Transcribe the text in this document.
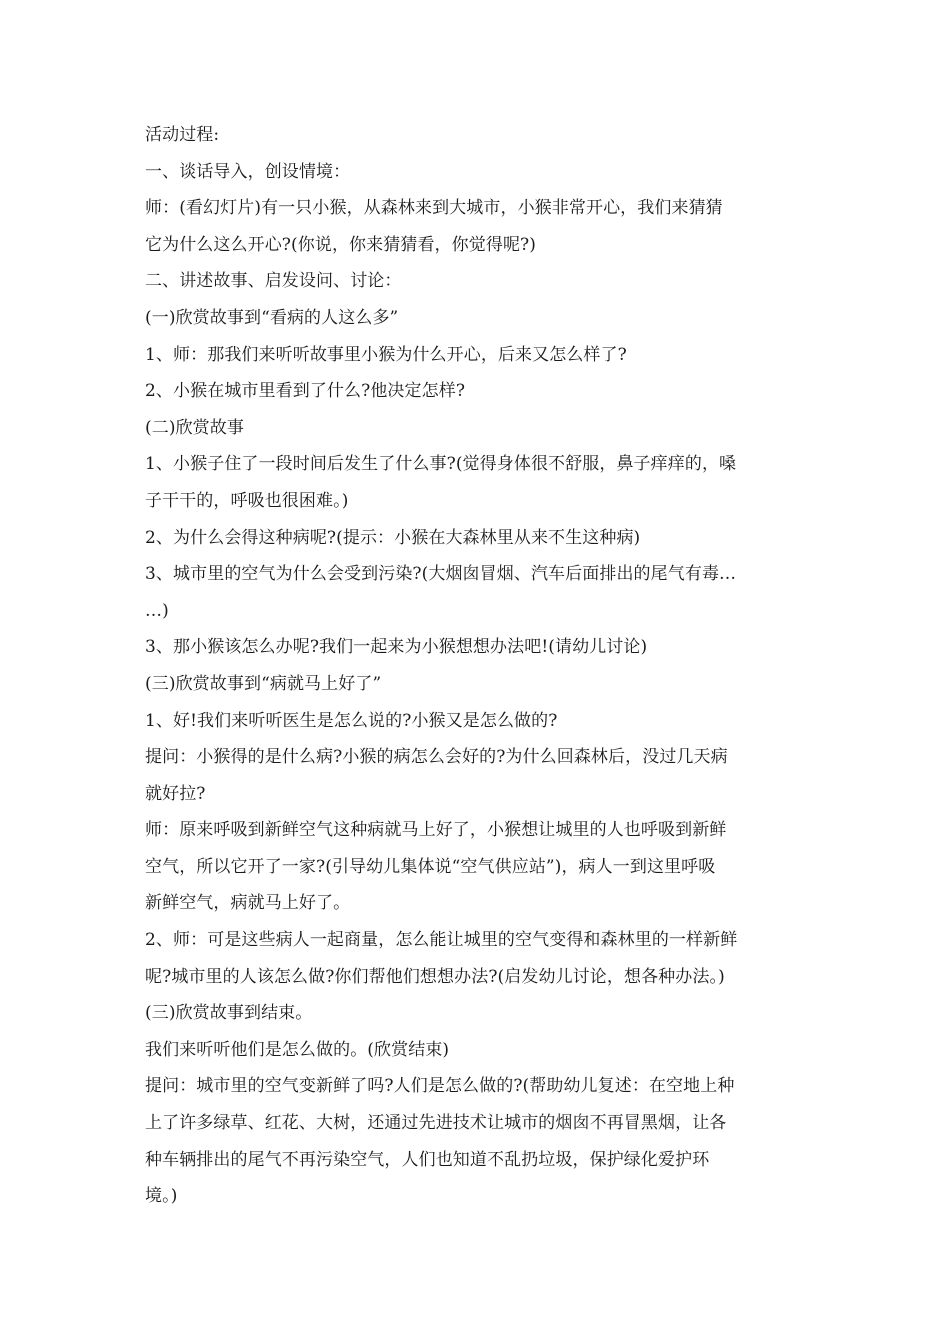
活动过程:
一、谈话导入，创设情境：
师：(看幻灯片)有一只小猴，从森林来到大城市，小猴非常开心，我们来猜猜
它为什么这么开心?(你说，你来猜猜看，你觉得呢?)
二、讲述故事、启发设问、讨论：
(一)欣赏故事到“看病的人这么多”
1、师：那我们来听听故事里小猴为什么开心，后来又怎么样了?
2、小猴在城市里看到了什么?他决定怎样?
(二)欣赏故事
1、小猴子住了一段时间后发生了什么事?(觉得身体很不舒服，鼻子痒痒的，嗓
子干干的，呼吸也很困难。)
2、为什么会得这种病呢?(提示：小猴在大森林里从来不生这种病)
3、城市里的空气为什么会受到污染?(大烟囱冒烟、汽车后面排出的尾气有毒…
…)
3、那小猴该怎么办呢?我们一起来为小猴想想办法吧!(请幼儿讨论)
(三)欣赏故事到“病就马上好了”
1、好!我们来听听医生是怎么说的?小猴又是怎么做的?
提问：小猴得的是什么病?小猴的病怎么会好的?为什么回森林后，没过几天病
就好拉?
师：原来呼吸到新鲜空气这种病就马上好了，小猴想让城里的人也呼吸到新鲜
空气，所以它开了一家?(引导幼儿集体说“空气供应站”)，病人一到这里呼吸
新鲜空气，病就马上好了。
2、师：可是这些病人一起商量，怎么能让城里的空气变得和森林里的一样新鲜
呢?城市里的人该怎么做?你们帮他们想想办法?(启发幼儿讨论，想各种办法。)
(三)欣赏故事到结束。
我们来听听他们是怎么做的。(欣赏结束)
提问：城市里的空气变新鲜了吗?人们是怎么做的?(帮助幼儿复述：在空地上种
上了许多绿草、红花、大树，还通过先进技术让城市的烟囱不再冒黑烟，让各
种车辆排出的尾气不再污染空气，人们也知道不乱扔垃圾，保护绿化爱护环
境。)
